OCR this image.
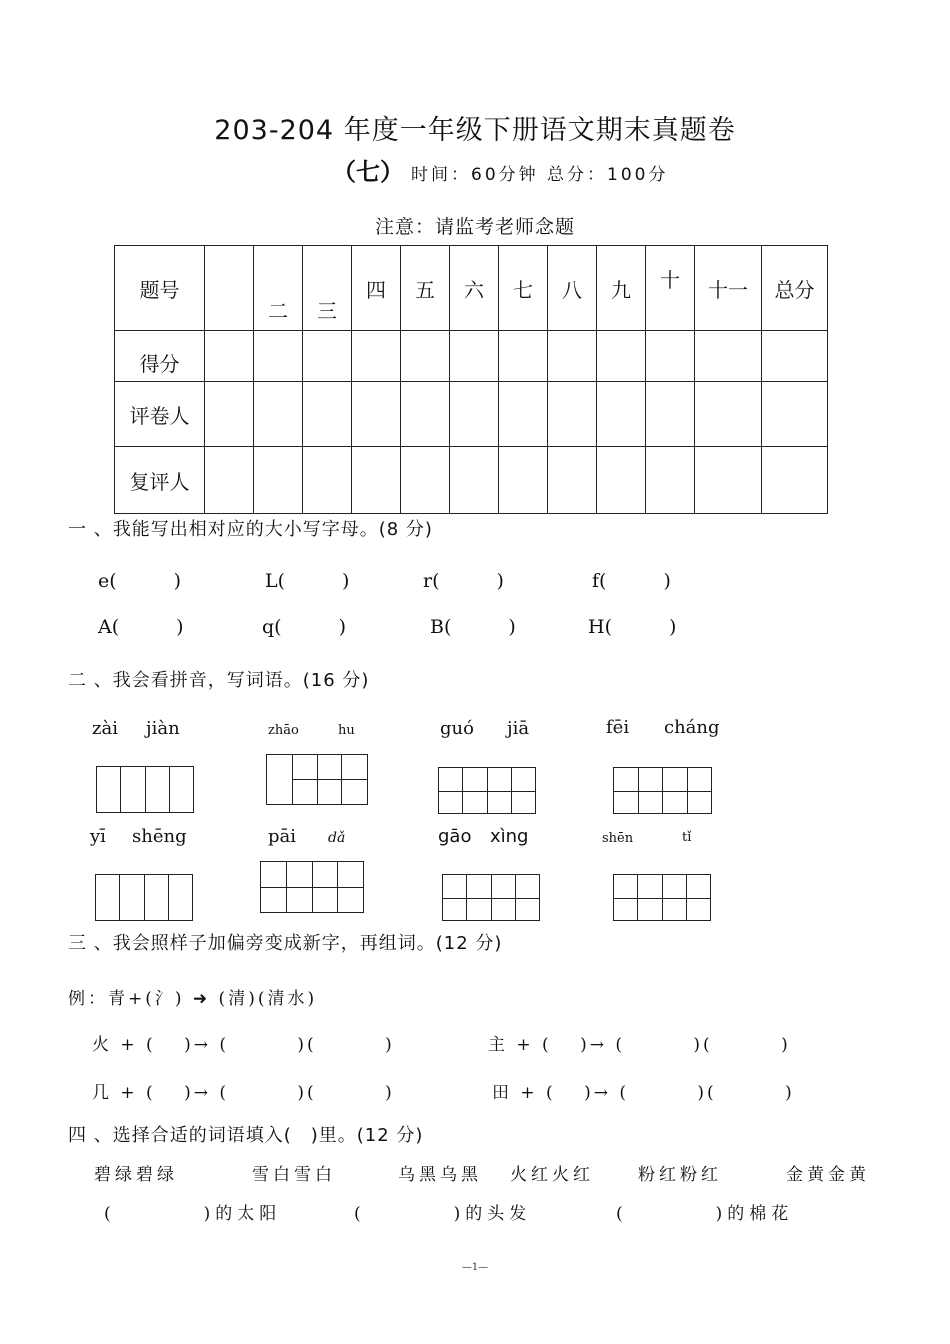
203-204 年度一年级下册语文期末真题卷
（七） 时间：60分钟 总分：100分
注意：请监考老师念题
题号		二	三	四	五	六	七	八	九	十	十一	总分
得分												
评卷人												
复评人												
一 、我能写出相对应的大小写字母。(8 分)
e(　　　)	L(　　　)	r(　　　)	f(　　　)
A(　　　)	q(　　　)	B(　　　)	H(　　　)
二 、我会看拼音，写词语。(16 分)
zài jiàn	zhāo	hu	guó jiā	fēi cháng
yī shēng	pāi dǎ	gāo xìng	shēn	tǐ
三 、我会照样子加偏旁变成新字，再组词。(12 分)
例：青+(氵) ➜ (清)(清水)
火 + (　 )→ (　　　 )(　　　 )	主 + (　 )→ (　　　 )(　　　 )
几 + (　 )→ (　　　 )(　　　 )	田 + (　 )→ (　　　 )(　　　 )
四 、选择合适的词语填入(　)里。(12 分)
碧绿碧绿	雪白雪白	乌黑乌黑 火红火红	粉红粉红	金黄金黄
(　　　　)的太阳	(　　　　)的头发	(　　　　)的棉花
—1—
